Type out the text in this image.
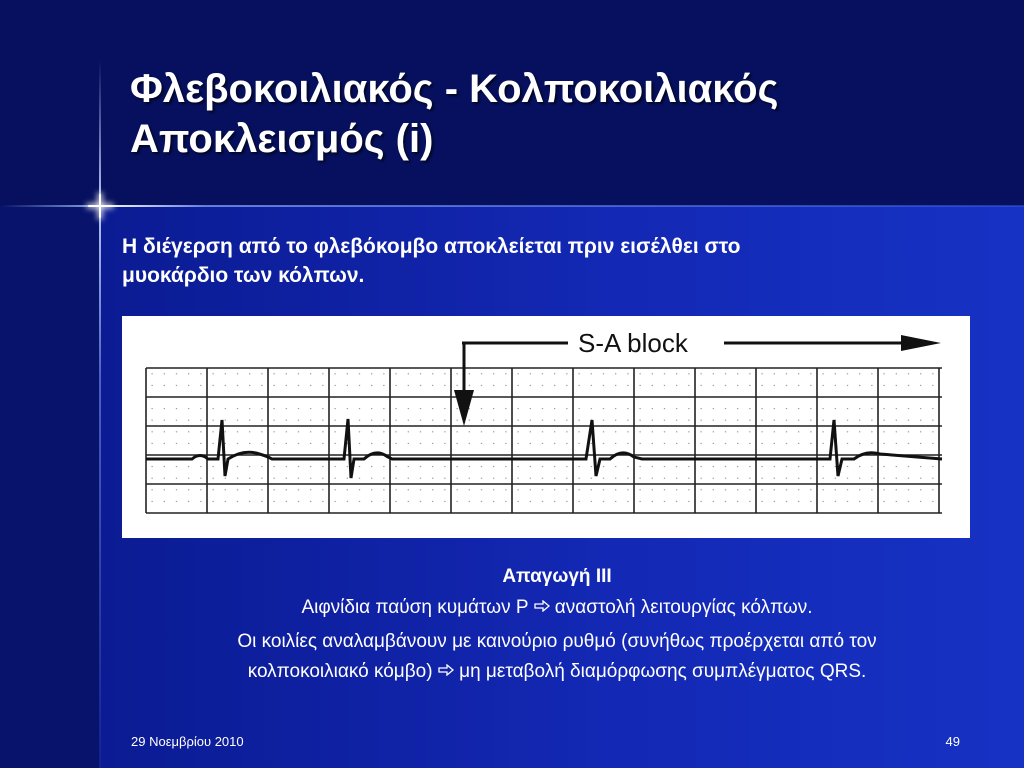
Φλεβοκοιλιακός - Κολποκοιλιακός
Αποκλεισμός (i)
Η διέγερση από το φλεβόκομβο αποκλείεται πριν εισέλθει στο
μυοκάρδιο των κόλπων.
S-A block
Απαγωγή III
Αιφνίδια παύση κυμάτων P αναστολή λειτουργίας κόλπων.
Οι κοιλίες αναλαμβάνουν με καινούριο ρυθμό (συνήθως προέρχεται από τον
κολποκοιλιακό κόμβο) μη μεταβολή διαμόρφωσης συμπλέγματος QRS.
29 Νοεμβρίου 2010	49
